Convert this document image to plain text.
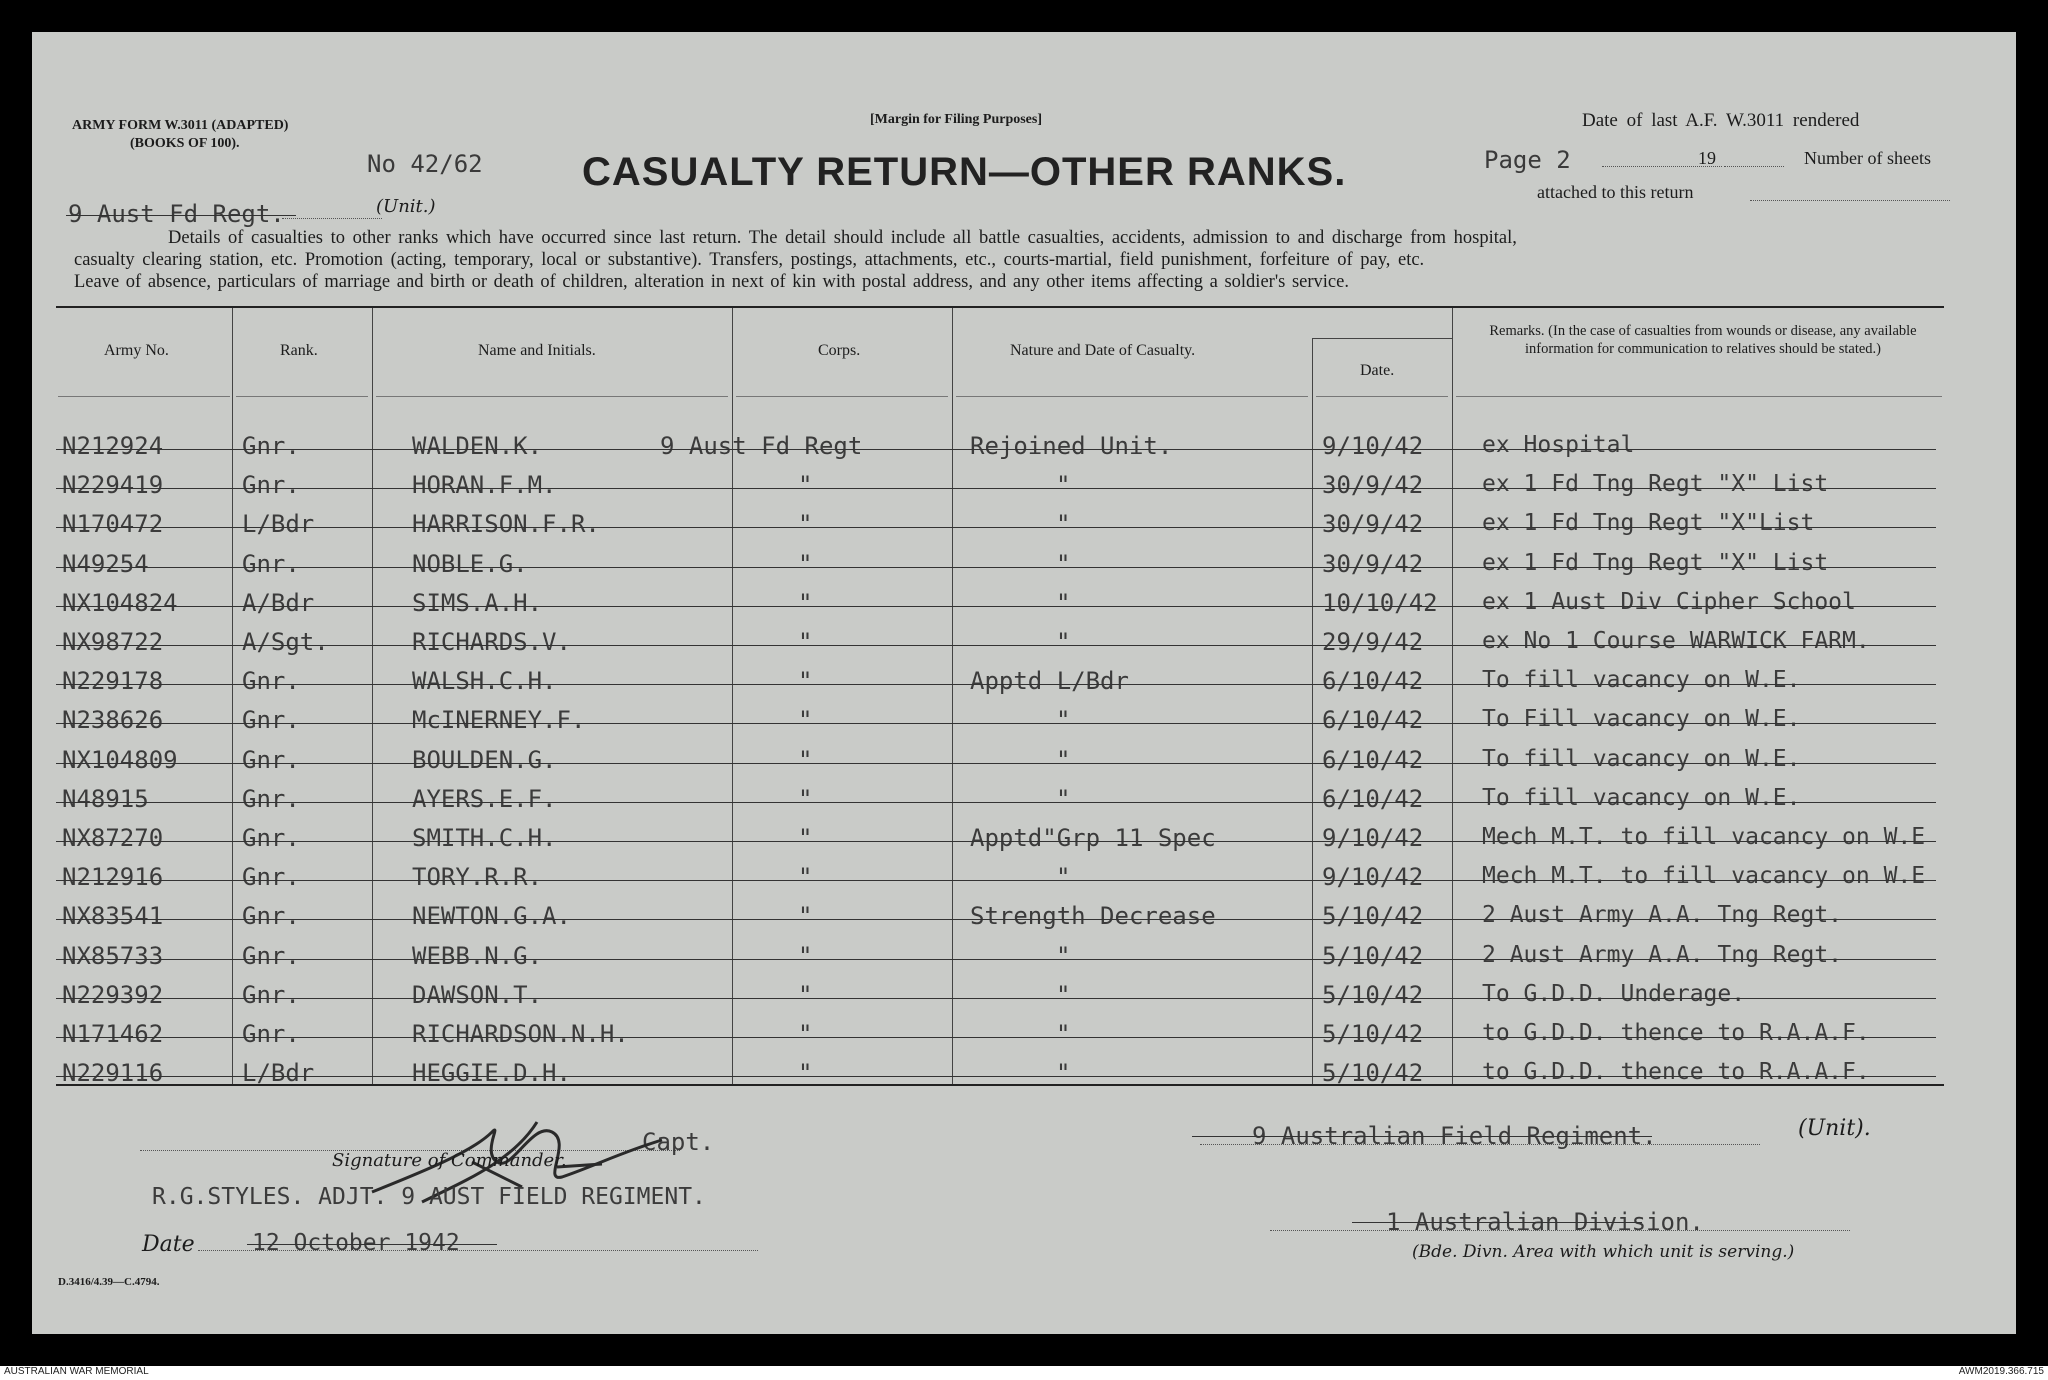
ARMY FORM W.3011 (ADAPTED)
(BOOKS OF 100).
[Margin for Filing Purposes]
No 42/62 CASUALTY RETURN—OTHER RANKS.
Date of last A.F. W.3011 rendered
Page 2	19	Number of sheets
attached to this return
9 Aust Fd Regt.	(Unit.)
Details of casualties to other ranks which have occurred since last return. The detail should include all battle casualties, accidents, admission to and discharge from hospital,
casualty clearing station, etc. Promotion (acting, temporary, local or substantive). Transfers, postings, attachments, etc., courts-martial, field punishment, forfeiture of pay, etc.
Leave of absence, particulars of marriage and birth or death of children, alteration in next of kin with postal address, and any other items affecting a soldier's service.
Army No.	Rank.	Name and Initials.	Corps.	Nature and Date of Casualty.
Date.
Remarks. (In the case of casualties from wounds or disease, any available information for communication to relatives should be stated.)
N212924	Gnr.	WALDEN.K.	9 Aust Fd Regt	Rejoined Unit.	9/10/42	ex Hospital
N229419	Gnr.	HORAN.F.M.	"	"	30/9/42	ex 1 Fd Tng Regt "X" List
N170472	L/Bdr	HARRISON.F.R.	"	"	30/9/42	ex 1 Fd Tng Regt "X"List
N49254	Gnr.	NOBLE.G.	"	"	30/9/42	ex 1 Fd Tng Regt "X" List
NX104824	A/Bdr	SIMS.A.H.	"	"	10/10/42 ex 1 Aust Div Cipher School
NX98722	A/Sgt.	RICHARDS.V.	"	"	29/9/42	ex No 1 Course WARWICK FARM.
N229178	Gnr.	WALSH.C.H.	"	Apptd L/Bdr	6/10/42	To fill vacancy on W.E.
N238626	Gnr.	McINERNEY.F.	"	"	6/10/42	To Fill vacancy on W.E.
NX104809	Gnr.	BOULDEN.G.	"	"	6/10/42	To fill vacancy on W.E.
N48915	Gnr.	AYERS.E.F.	"	"	6/10/42	To fill vacancy on W.E.
NX87270	Gnr.	SMITH.C.H.	"	Apptd"Grp 11 Spec	9/10/42	Mech M.T. to fill vacancy on W.E
N212916	Gnr.	TORY.R.R.	"	"	9/10/42	Mech M.T. to fill vacancy on W.E
NX83541	Gnr.	NEWTON.G.A.	"	Strength Decrease	5/10/42	2 Aust Army A.A. Tng Regt.
NX85733	Gnr.	WEBB.N.G.	"	"	5/10/42	2 Aust Army A.A. Tng Regt.
N229392	Gnr.	DAWSON.T.	"	"	5/10/42	To G.D.D. Underage.
N171462	Gnr.	RICHARDSON.N.H.	"	"	5/10/42	to G.D.D. thence to R.A.A.F.
N229116	L/Bdr	HEGGIE.D.H.	"	"	5/10/42	to G.D.D. thence to R.A.A.F.
Capt.
Signature of Commander.
R.G.STYLES. ADJT. 9 AUST FIELD REGIMENT.
Date 12 October 1942
D.3416/4.39—C.4794.
9 Australian Field Regiment.	(Unit).
1 Australian Division.
(Bde. Divn. Area with which unit is serving.)
AUSTRALIAN WAR MEMORIAL	AWM2019.366.715
